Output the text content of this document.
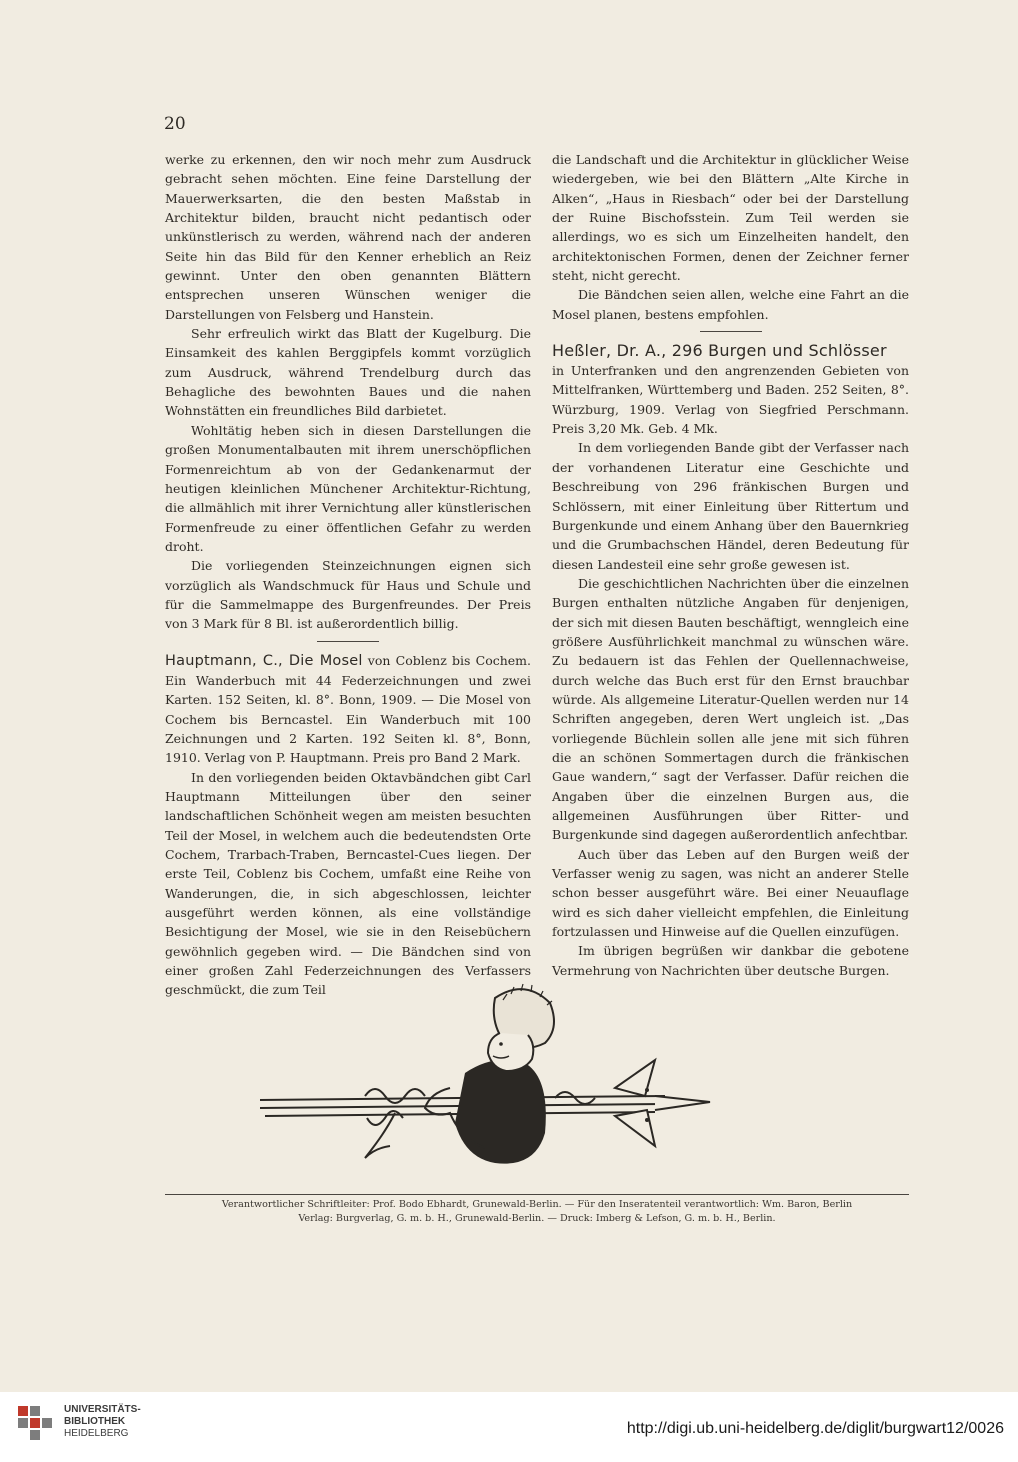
20

werke zu erkennen, den wir noch mehr zum Ausdruck gebracht sehen möchten. Eine feine Darstellung der Mauerwerksarten, die den besten Maßstab in Architektur bilden, braucht nicht pedantisch oder unkünstlerisch zu werden, während nach der anderen Seite hin das Bild für den Kenner erheblich an Reiz gewinnt. Unter den oben genannten Blättern entsprechen unseren Wünschen weniger die Darstellungen von Felsberg und Hanstein.

Sehr erfreulich wirkt das Blatt der Kugelburg. Die Einsamkeit des kahlen Berggipfels kommt vorzüglich zum Ausdruck, während Trendelburg durch das Behagliche des bewohnten Baues und die nahen Wohnstätten ein freundliches Bild darbietet.

Wohltätig heben sich in diesen Darstellungen die großen Monumentalbauten mit ihrem unerschöpflichen Formenreichtum ab von der Gedankenarmut der heutigen kleinlichen Münchener Architektur-Richtung, die allmählich mit ihrer Vernichtung aller künstlerischen Formenfreude zu einer öffentlichen Gefahr zu werden droht.

Die vorliegenden Steinzeichnungen eignen sich vorzüglich als Wandschmuck für Haus und Schule und für die Sammelmappe des Burgenfreundes. Der Preis von 3 Mark für 8 Bl. ist außerordentlich billig.

Hauptmann, C., Die Mosel von Coblenz bis Cochem. Ein Wanderbuch mit 44 Federzeichnungen und zwei Karten. 152 Seiten, kl. 8°. Bonn, 1909. — Die Mosel von Cochem bis Berncastel. Ein Wanderbuch mit 100 Zeichnungen und 2 Karten. 192 Seiten kl. 8°, Bonn, 1910. Verlag von P. Hauptmann. Preis pro Band 2 Mark.

In den vorliegenden beiden Oktavbändchen gibt Carl Hauptmann Mitteilungen über den seiner landschaftlichen Schönheit wegen am meisten besuchten Teil der Mosel, in welchem auch die bedeutendsten Orte Cochem, Trarbach-Traben, Berncastel-Cues liegen. Der erste Teil, Coblenz bis Cochem, umfaßt eine Reihe von Wanderungen, die, in sich abgeschlossen, leichter ausgeführt werden können, als eine vollständige Besichtigung der Mosel, wie sie in den Reisebüchern gewöhnlich gegeben wird. — Die Bändchen sind von einer großen Zahl Federzeichnungen des Verfassers geschmückt, die zum Teil

die Landschaft und die Architektur in glücklicher Weise wiedergeben, wie bei den Blättern „Alte Kirche in Alken“, „Haus in Riesbach“ oder bei der Darstellung der Ruine Bischofsstein. Zum Teil werden sie allerdings, wo es sich um Einzelheiten handelt, den architektonischen Formen, denen der Zeichner ferner steht, nicht gerecht.

Die Bändchen seien allen, welche eine Fahrt an die Mosel planen, bestens empfohlen.

Heßler, Dr. A., 296 Burgen und Schlösser

in Unterfranken und den angrenzenden Gebieten von Mittelfranken, Württemberg und Baden. 252 Seiten, 8°. Würzburg, 1909. Verlag von Siegfried Perschmann. Preis 3,20 Mk. Geb. 4 Mk.

In dem vorliegenden Bande gibt der Verfasser nach der vorhandenen Literatur eine Geschichte und Beschreibung von 296 fränkischen Burgen und Schlössern, mit einer Einleitung über Rittertum und Burgenkunde und einem Anhang über den Bauernkrieg und die Grumbachschen Händel, deren Bedeutung für diesen Landesteil eine sehr große gewesen ist.

Die geschichtlichen Nachrichten über die einzelnen Burgen enthalten nützliche Angaben für denjenigen, der sich mit diesen Bauten beschäftigt, wenngleich eine größere Ausführlichkeit manchmal zu wünschen wäre. Zu bedauern ist das Fehlen der Quellennachweise, durch welche das Buch erst für den Ernst brauchbar würde. Als allgemeine Literatur-Quellen werden nur 14 Schriften angegeben, deren Wert ungleich ist. „Das vorliegende Büchlein sollen alle jene mit sich führen die an schönen Sommertagen durch die fränkischen Gaue wandern,“ sagt der Verfasser. Dafür reichen die Angaben über die einzelnen Burgen aus, die allgemeinen Ausführungen über Ritter- und Burgenkunde sind dagegen außerordentlich anfechtbar.

Auch über das Leben auf den Burgen weiß der Verfasser wenig zu sagen, was nicht an anderer Stelle schon besser ausgeführt wäre. Bei einer Neuauflage wird es sich daher vielleicht empfehlen, die Einleitung fortzulassen und Hinweise auf die Quellen einzufügen.

Im übrigen begrüßen wir dankbar die gebotene Vermehrung von Nachrichten über deutsche Burgen.

Verantwortlicher Schriftleiter: Prof. Bodo Ebhardt, Grunewald-Berlin. — Für den Inseratenteil verantwortlich: Wm. Baron, Berlin
Verlag: Burgverlag, G. m. b. H., Grunewald-Berlin. — Druck: Imberg & Lefson, G. m. b. H., Berlin.
UNIVERSITÄTS-
BIBLIOTHEK
HEIDELBERG	http://digi.ub.uni-heidelberg.de/diglit/burgwart12/0026
